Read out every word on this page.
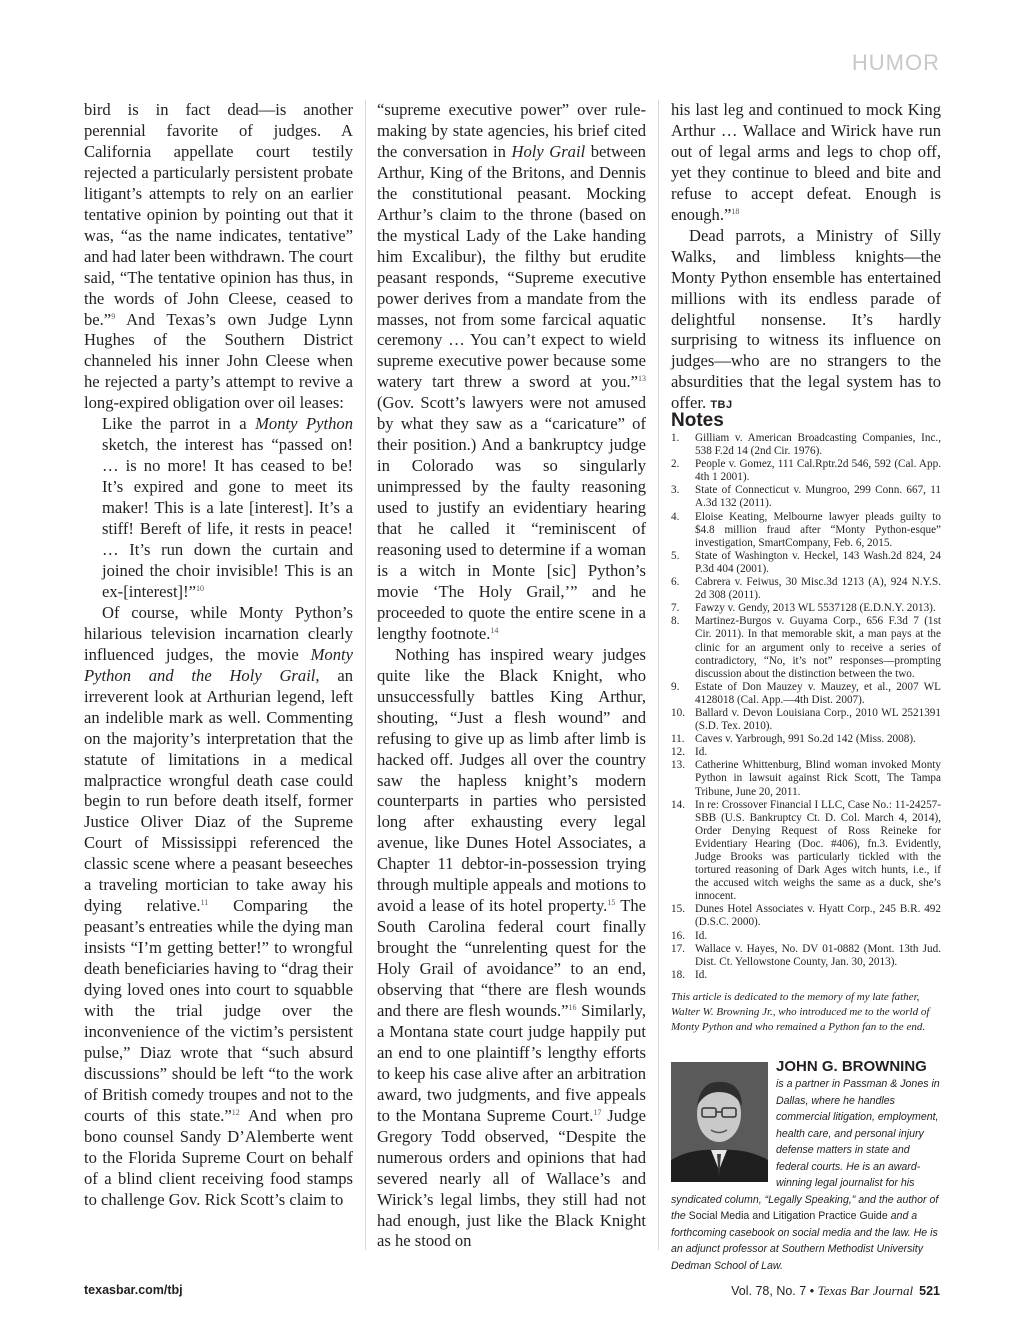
HUMOR

bird is in fact dead—is another perennial favorite of judges. A California appellate court testily rejected a particularly persistent probate litigant’s attempts to rely on an earlier tentative opinion by pointing out that it was, “as the name indicates, tentative” and had later been withdrawn. The court said, “The tentative opinion has thus, in the words of John Cleese, ceased to be.”$^9$ And Texas’s own Judge Lynn Hughes of the Southern District channeled his inner John Cleese when he rejected a party’s attempt to revive a long-expired obligation over oil leases:

Like the parrot in a Monty Python sketch, the interest has “passed on! … is no more! It has ceased to be! It’s expired and gone to meet its maker! This is a late [interest]. It’s a stiff! Bereft of life, it rests in peace! … It’s run down the curtain and joined the choir invisible! This is an ex-[interest]!”$^{10}$

Of course, while Monty Python’s hilarious television incarnation clearly influenced judges, the movie Monty Python and the Holy Grail, an irreverent look at Arthurian legend, left an indelible mark as well. Commenting on the majority’s interpretation that the statute of limitations in a medical malpractice wrongful death case could begin to run before death itself, former Justice Oliver Diaz of the Supreme Court of Mississippi referenced the classic scene where a peasant beseeches a traveling mortician to take away his dying relative.$^{11}$ Comparing the peasant’s entreaties while the dying man insists “I’m getting better!” to wrongful death beneficiaries having to “drag their dying loved ones into court to squabble with the trial judge over the inconvenience of the victim’s persistent pulse,” Diaz wrote that “such absurd discussions” should be left “to the work of British comedy troupes and not to the courts of this state.”$^{12}$ And when pro bono counsel Sandy D’Alemberte went to the Florida Supreme Court on behalf of a blind client receiving food stamps to challenge Gov. Rick Scott’s claim to

“supreme executive power” over rule-making by state agencies, his brief cited the conversation in Holy Grail between Arthur, King of the Britons, and Dennis the constitutional peasant. Mocking Arthur’s claim to the throne (based on the mystical Lady of the Lake handing him Excalibur), the filthy but erudite peasant responds, “Supreme executive power derives from a mandate from the masses, not from some farcical aquatic ceremony … You can’t expect to wield supreme executive power because some watery tart threw a sword at you.”$^{13}$ (Gov. Scott’s lawyers were not amused by what they saw as a “caricature” of their position.) And a bankruptcy judge in Colorado was so singularly unimpressed by the faulty reasoning used to justify an evidentiary hearing that he called it “reminiscent of reasoning used to determine if a woman is a witch in Monte [sic] Python’s movie ‘The Holy Grail,’” and he proceeded to quote the entire scene in a lengthy footnote.$^{14}$

Nothing has inspired weary judges quite like the Black Knight, who unsuccessfully battles King Arthur, shouting, “Just a flesh wound” and refusing to give up as limb after limb is hacked off. Judges all over the country saw the hapless knight’s modern counterparts in parties who persisted long after exhausting every legal avenue, like Dunes Hotel Associates, a Chapter 11 debtor-in-possession trying through multiple appeals and motions to avoid a lease of its hotel property.$^{15}$ The South Carolina federal court finally brought the “unrelenting quest for the Holy Grail of avoidance” to an end, observing that “there are flesh wounds and there are flesh wounds.”$^{16}$ Similarly, a Montana state court judge happily put an end to one plaintiff’s lengthy efforts to keep his case alive after an arbitration award, two judgments, and five appeals to the Montana Supreme Court.$^{17}$ Judge Gregory Todd observed, “Despite the numerous orders and opinions that had severed nearly all of Wallace’s and Wirick’s legal limbs, they still had not had enough, just like the Black Knight as he stood on

his last leg and continued to mock King Arthur … Wallace and Wirick have run out of legal arms and legs to chop off, yet they continue to bleed and bite and refuse to accept defeat. Enough is enough.”$^{18}$

Dead parrots, a Ministry of Silly Walks, and limbless knights—the Monty Python ensemble has entertained millions with its endless parade of delightful nonsense. It’s hardly surprising to witness its influence on judges—who are no strangers to the absurdities that the legal system has to offer. TBJ

Notes
1.	Gilliam v. American Broadcasting Companies, Inc., 538 F.2d 14 (2nd Cir. 1976).
2.	People v. Gomez, 111 Cal.Rptr.2d 546, 592 (Cal. App. 4th 1 2001).
3.	State of Connecticut v. Mungroo, 299 Conn. 667, 11 A.3d 132 (2011).
4.	Eloise Keating, Melbourne lawyer pleads guilty to $4.8 million fraud after “Monty Python-esque” investigation, SmartCompany, Feb. 6, 2015.
5.	State of Washington v. Heckel, 143 Wash.2d 824, 24 P.3d 404 (2001).
6.	Cabrera v. Feiwus, 30 Misc.3d 1213 (A), 924 N.Y.S. 2d 308 (2011).
7.	Fawzy v. Gendy, 2013 WL 5537128 (E.D.N.Y. 2013).
8.	Martinez-Burgos v. Guyama Corp., 656 F.3d 7 (1st Cir. 2011). In that memorable skit, a man pays at the clinic for an argument only to receive a series of contradictory, “No, it’s not” responses—prompting discussion about the distinction between the two.
9.	Estate of Don Mauzey v. Mauzey, et al., 2007 WL 4128018 (Cal. App.—4th Dist. 2007).
10. Ballard v. Devon Louisiana Corp., 2010 WL 2521391 (S.D. Tex. 2010).
11. Caves v. Yarbrough, 991 So.2d 142 (Miss. 2008).
12. Id.
13. Catherine Whittenburg, Blind woman invoked Monty Python in lawsuit against Rick Scott, The Tampa Tribune, June 20, 2011.
14. In re: Crossover Financial I LLC, Case No.: 11-24257-SBB (U.S. Bankruptcy Ct. D. Col. March 4, 2014), Order Denying Request of Ross Reineke for Evidentiary Hearing (Doc. #406), fn.3. Evidently, Judge Brooks was particularly tickled with the tortured reasoning of Dark Ages witch hunts, i.e., if the accused witch weighs the same as a duck, she’s innocent.
15. Dunes Hotel Associates v. Hyatt Corp., 245 B.R. 492 (D.S.C. 2000).
16. Id.
17. Wallace v. Hayes, No. DV 01-0882 (Mont. 13th Jud. Dist. Ct. Yellowstone County, Jan. 30, 2013).
18. Id.
This article is dedicated to the memory of my late father, Walter W. Browning Jr., who introduced me to the world of Monty Python and who remained a Python fan to the end.
JOHN G. BROWNING
is a partner in Passman & Jones in Dallas, where he handles commercial litigation, employment, health care, and personal injury defense matters in state and federal courts. He is an award-winning legal journalist for his syndicated column, “Legally Speaking,” and the author of the Social Media and Litigation Practice Guide and a forthcoming casebook on social media and the law. He is an adjunct professor at Southern Methodist University Dedman School of Law.
texasbar.com/tbj	Vol. 78, No. 7 • Texas Bar Journal 521
